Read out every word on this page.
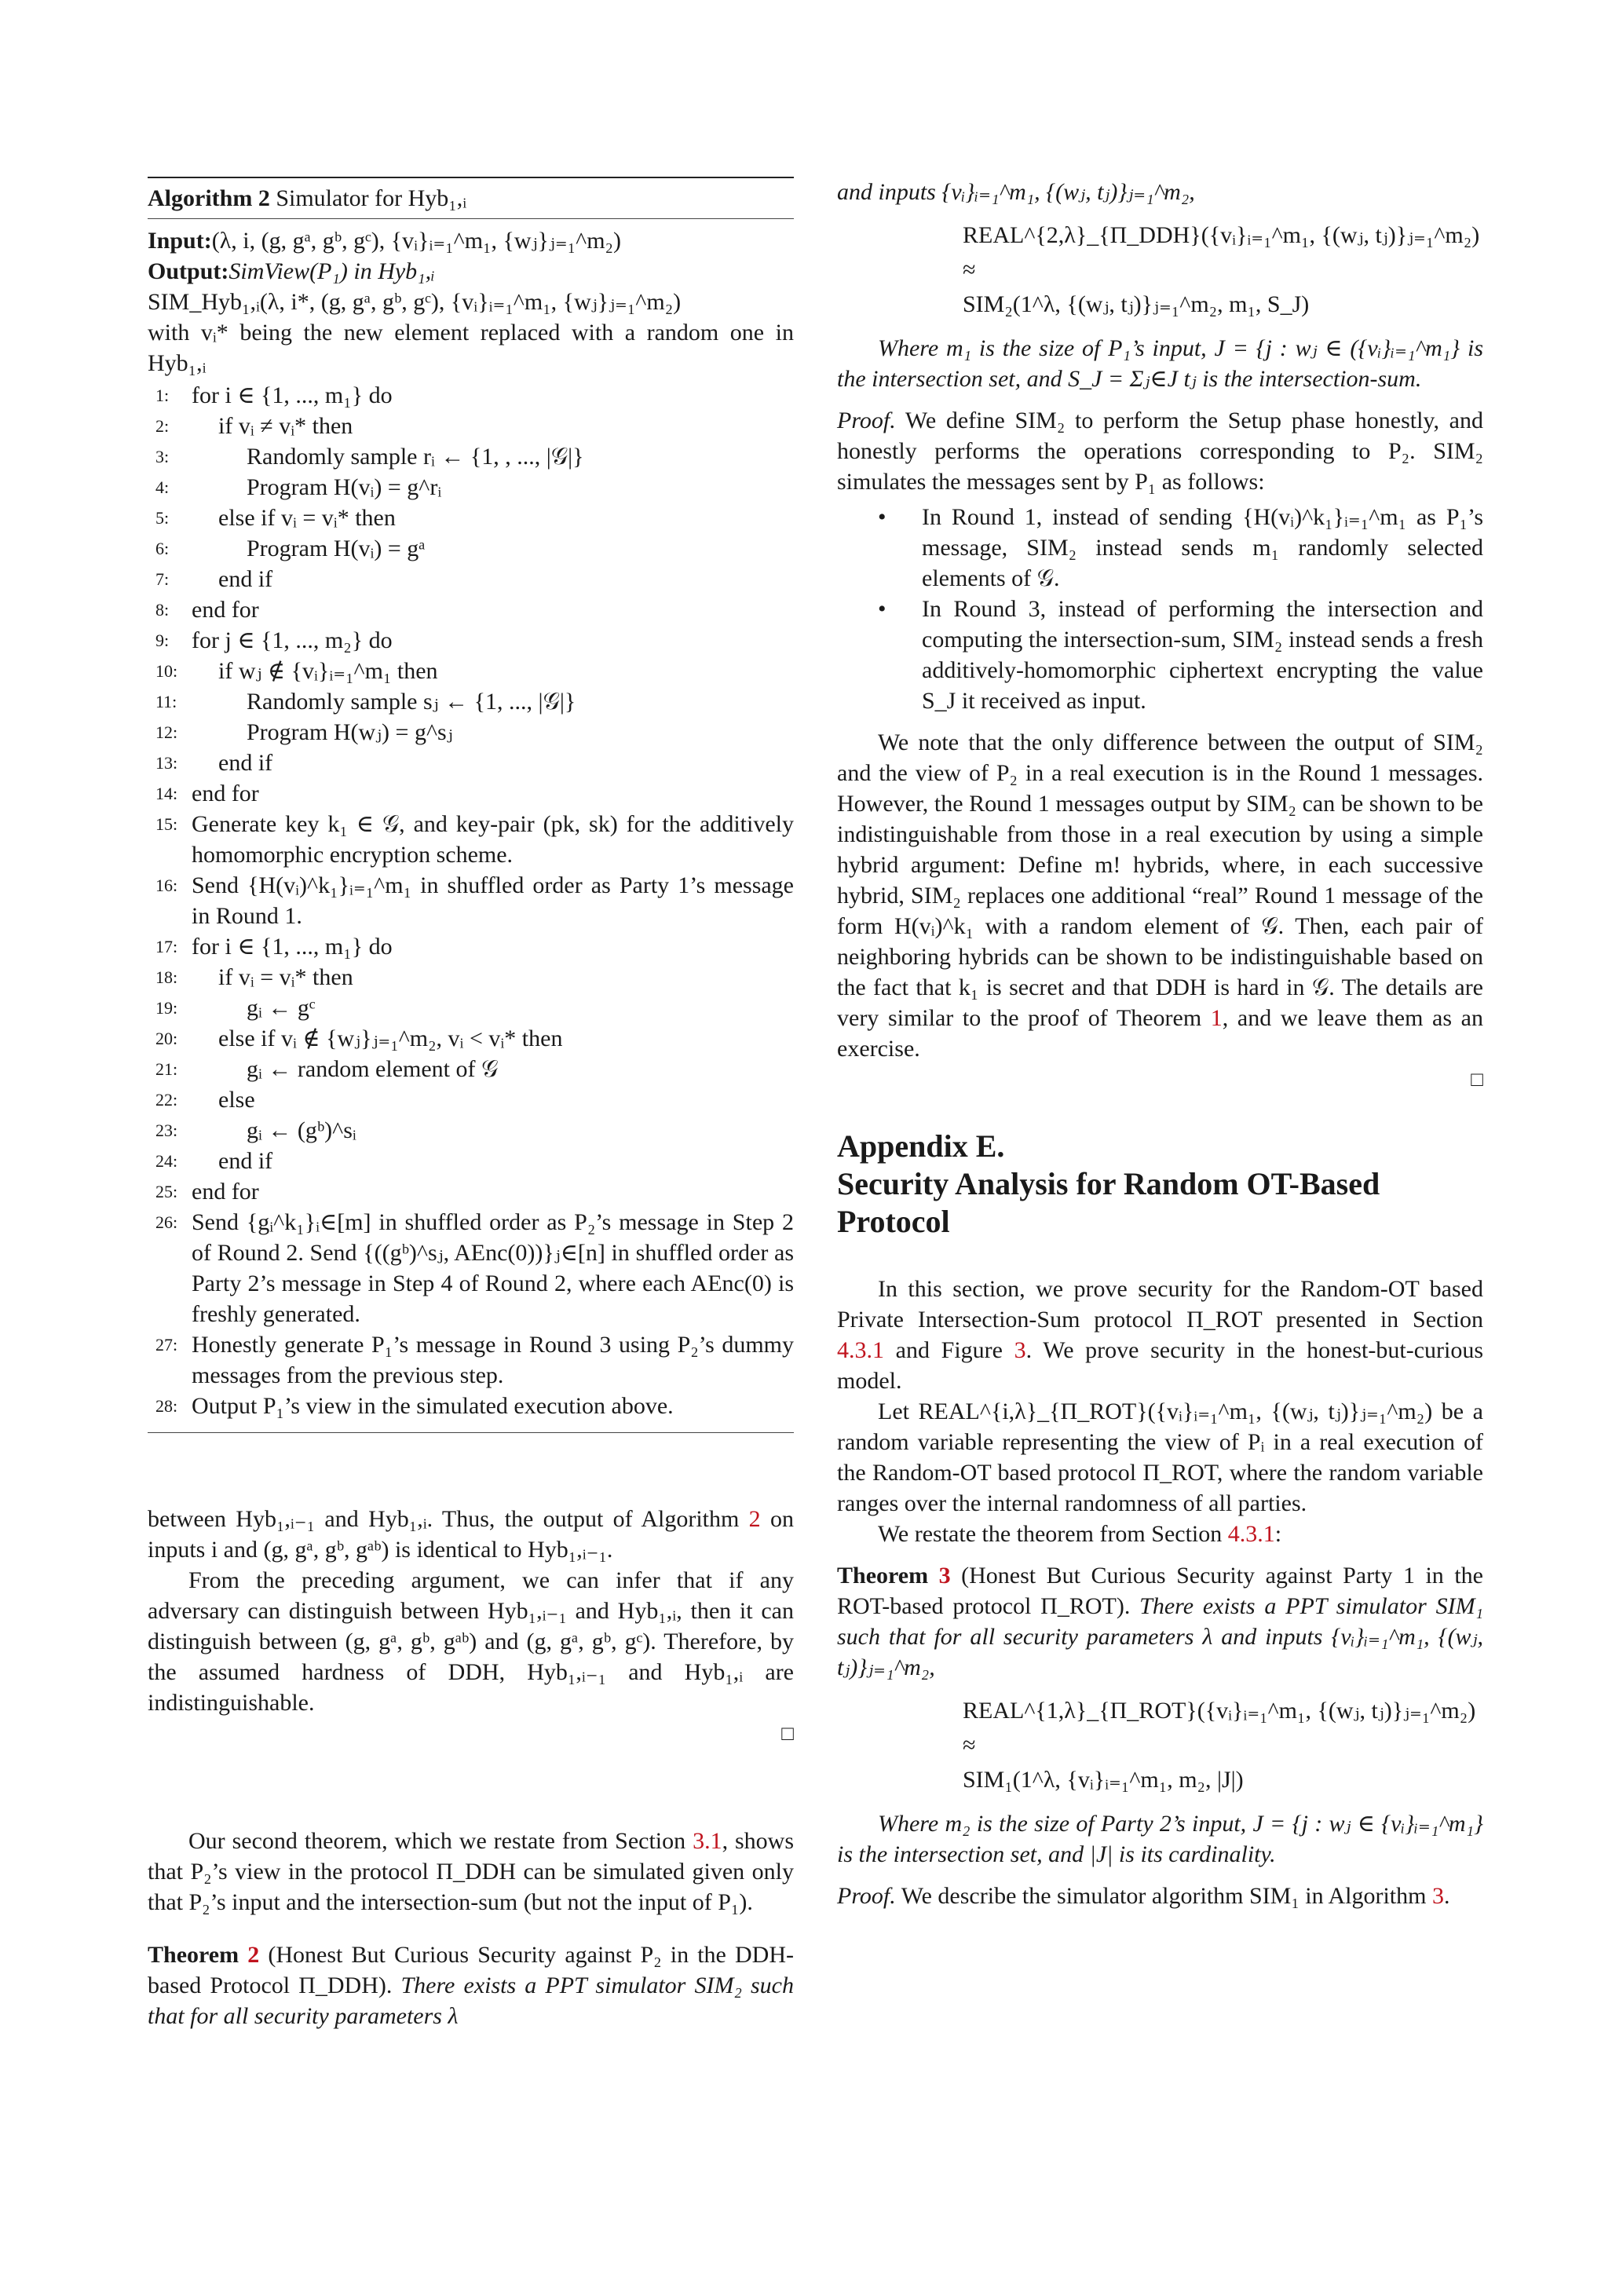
Algorithm 2 Simulator for Hyb₁,ᵢ
Input:(λ, i, (g, gᵃ, gᵇ, gᶜ), {vᵢ}ᵢ₌₁^m₁, {wⱼ}ⱼ₌₁^m₂)
Output:SimView(P₁) in Hyb₁,ᵢ
SIM_Hyb₁,ᵢ(λ, i*, (g, gᵃ, gᵇ, gᶜ), {vᵢ}ᵢ₌₁^m₁, {wⱼ}ⱼ₌₁^m₂)
with vᵢ* being the new element replaced with a random one in Hyb₁,ᵢ
1: for i ∈ {1, ..., m₁} do
2:	if vᵢ ≠ vᵢ* then
3:	Randomly sample rᵢ ← {1, , ..., |𝒢|}
4:	Program H(vᵢ) = g^rᵢ
5:	else if vᵢ = vᵢ* then
6:	Program H(vᵢ) = gᵃ
7:	end if
8: end for
9: for j ∈ {1, ..., m₂} do
10:	if wⱼ ∉ {vᵢ}ᵢ₌₁^m₁ then
11:	Randomly sample sⱼ ← {1, ..., |𝒢|}
12:	Program H(wⱼ) = g^sⱼ
13:	end if
14: end for
15: Generate key k₁ ∈ 𝒢, and key-pair (pk, sk) for the additively homomorphic encryption scheme.
16: Send {H(vᵢ)^k₁}ᵢ₌₁^m₁ in shuffled order as Party 1’s message in Round 1.
17: for i ∈ {1, ..., m₁} do
18:	if vᵢ = vᵢ* then
19:	gᵢ ← gᶜ
20:	else if vᵢ ∉ {wⱼ}ⱼ₌₁^m₂, vᵢ < vᵢ* then
21:	gᵢ ← random element of 𝒢
22:	else
23:	gᵢ ← (gᵇ)^sᵢ
24:	end if
25: end for
26: Send {gᵢ^k₁}ᵢ∈[m] in shuffled order as P₂’s message in Step 2 of Round 2. Send {((gᵇ)^sⱼ, AEnc(0))}ⱼ∈[n] in shuffled order as Party 2’s message in Step 4 of Round 2, where each AEnc(0) is freshly generated.
27: Honestly generate P₁’s message in Round 3 using P₂’s dummy messages from the previous step.
28: Output P₁’s view in the simulated execution above.

between Hyb₁,ᵢ₋₁ and Hyb₁,ᵢ. Thus, the output of Algorithm 2 on inputs i and (g, gᵃ, gᵇ, gᵃᵇ) is identical to Hyb₁,ᵢ₋₁.

From the preceding argument, we can infer that if any adversary can distinguish between Hyb₁,ᵢ₋₁ and Hyb₁,ᵢ, then it can distinguish between (g, gᵃ, gᵇ, gᵃᵇ) and (g, gᵃ, gᵇ, gᶜ). Therefore, by the assumed hardness of DDH, Hyb₁,ᵢ₋₁ and Hyb₁,ᵢ are indistinguishable.
□

Our second theorem, which we restate from Section 3.1, shows that P₂’s view in the protocol Π_DDH can be simulated given only that P₂’s input and the intersection-sum (but not the input of P₁).

Theorem 2 (Honest But Curious Security against P₂ in the DDH-based Protocol Π_DDH). There exists a PPT simulator SIM₂ such that for all security parameters λ

and inputs {vᵢ}ᵢ₌₁^m₁, {(wⱼ, tⱼ)}ⱼ₌₁^m₂,

REAL^{2,λ}_{Π_DDH}({vᵢ}ᵢ₌₁^m₁, {(wⱼ, tⱼ)}ⱼ₌₁^m₂)
≈
SIM₂(1^λ, {(wⱼ, tⱼ)}ⱼ₌₁^m₂, m₁, S_J)

Where m₁ is the size of P₁’s input, J = {j : wⱼ ∈ ({vᵢ}ᵢ₌₁^m₁} is the intersection set, and S_J = Σⱼ∈J tⱼ is the intersection-sum.

Proof. We define SIM₂ to perform the Setup phase honestly, and honestly performs the operations corresponding to P₂. SIM₂ simulates the messages sent by P₁ as follows:

• In Round 1, instead of sending {H(vᵢ)^k₁}ᵢ₌₁^m₁ as P₁’s message, SIM₂ instead sends m₁ randomly selected elements of 𝒢.
• In Round 3, instead of performing the intersection and computing the intersection-sum, SIM₂ instead sends a fresh additively-homomorphic ciphertext encrypting the value S_J it received as input.

We note that the only difference between the output of SIM₂ and the view of P₂ in a real execution is in the Round 1 messages. However, the Round 1 messages output by SIM₂ can be shown to be indistinguishable from those in a real execution by using a simple hybrid argument: Define m! hybrids, where, in each successive hybrid, SIM₂ replaces one additional “real” Round 1 message of the form H(vᵢ)^k₁ with a random element of 𝒢. Then, each pair of neighboring hybrids can be shown to be indistinguishable based on the fact that k₁ is secret and that DDH is hard in 𝒢. The details are very similar to the proof of Theorem 1, and we leave them as an exercise.
□

Appendix E.
Security Analysis for Random OT-Based Protocol

In this section, we prove security for the Random-OT based Private Intersection-Sum protocol Π_ROT presented in Section 4.3.1 and Figure 3. We prove security in the honest-but-curious model.

Let REAL^{i,λ}_{Π_ROT}({vᵢ}ᵢ₌₁^m₁, {(wⱼ, tⱼ)}ⱼ₌₁^m₂) be a random variable representing the view of Pᵢ in a real execution of the Random-OT based protocol Π_ROT, where the random variable ranges over the internal randomness of all parties.

We restate the theorem from Section 4.3.1:

Theorem 3 (Honest But Curious Security against Party 1 in the ROT-based protocol Π_ROT). There exists a PPT simulator SIM₁ such that for all security parameters λ and inputs {vᵢ}ᵢ₌₁^m₁, {(wⱼ, tⱼ)}ⱼ₌₁^m₂,

REAL^{1,λ}_{Π_ROT}({vᵢ}ᵢ₌₁^m₁, {(wⱼ, tⱼ)}ⱼ₌₁^m₂)
≈
SIM₁(1^λ, {vᵢ}ᵢ₌₁^m₁, m₂, |J|)

Where m₂ is the size of Party 2’s input, J = {j : wⱼ ∈ {vᵢ}ᵢ₌₁^m₁} is the intersection set, and |J| is its cardinality.

Proof. We describe the simulator algorithm SIM₁ in Algorithm 3.
